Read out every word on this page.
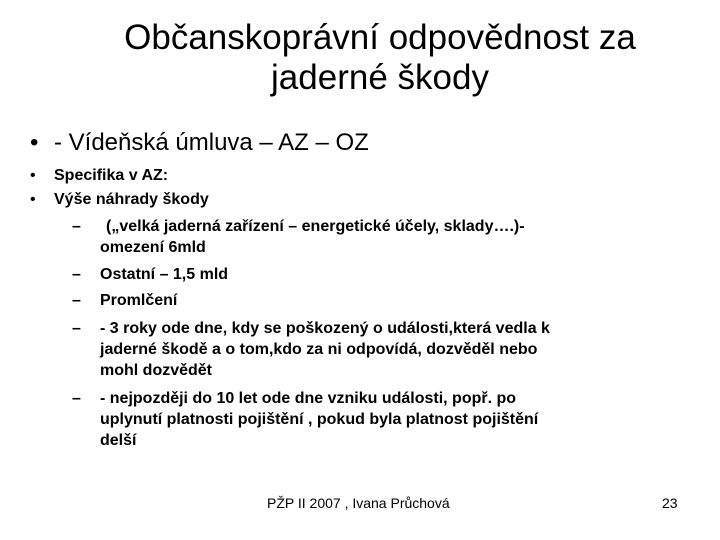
Občanskoprávní odpovědnost za
jaderné škody
• - Vídeňská úmluva – AZ – OZ
• Specifika v AZ:
• Výše náhrady škody
– („velká jaderná zařízení – energetické účely, sklady….)-
omezení 6mld
– Ostatní – 1,5 mld
– Promlčení
– - 3 roky ode dne, kdy se poškozený o události,která vedla k
jaderné škodě a o tom,kdo za ni odpovídá, dozvěděl nebo
mohl dozvědět
– - nejpozději do 10 let ode dne vzniku události, popř. po
uplynutí platnosti pojištění , pokud byla platnost pojištění
delší
PŽP II 2007 , Ivana Průchová	23
